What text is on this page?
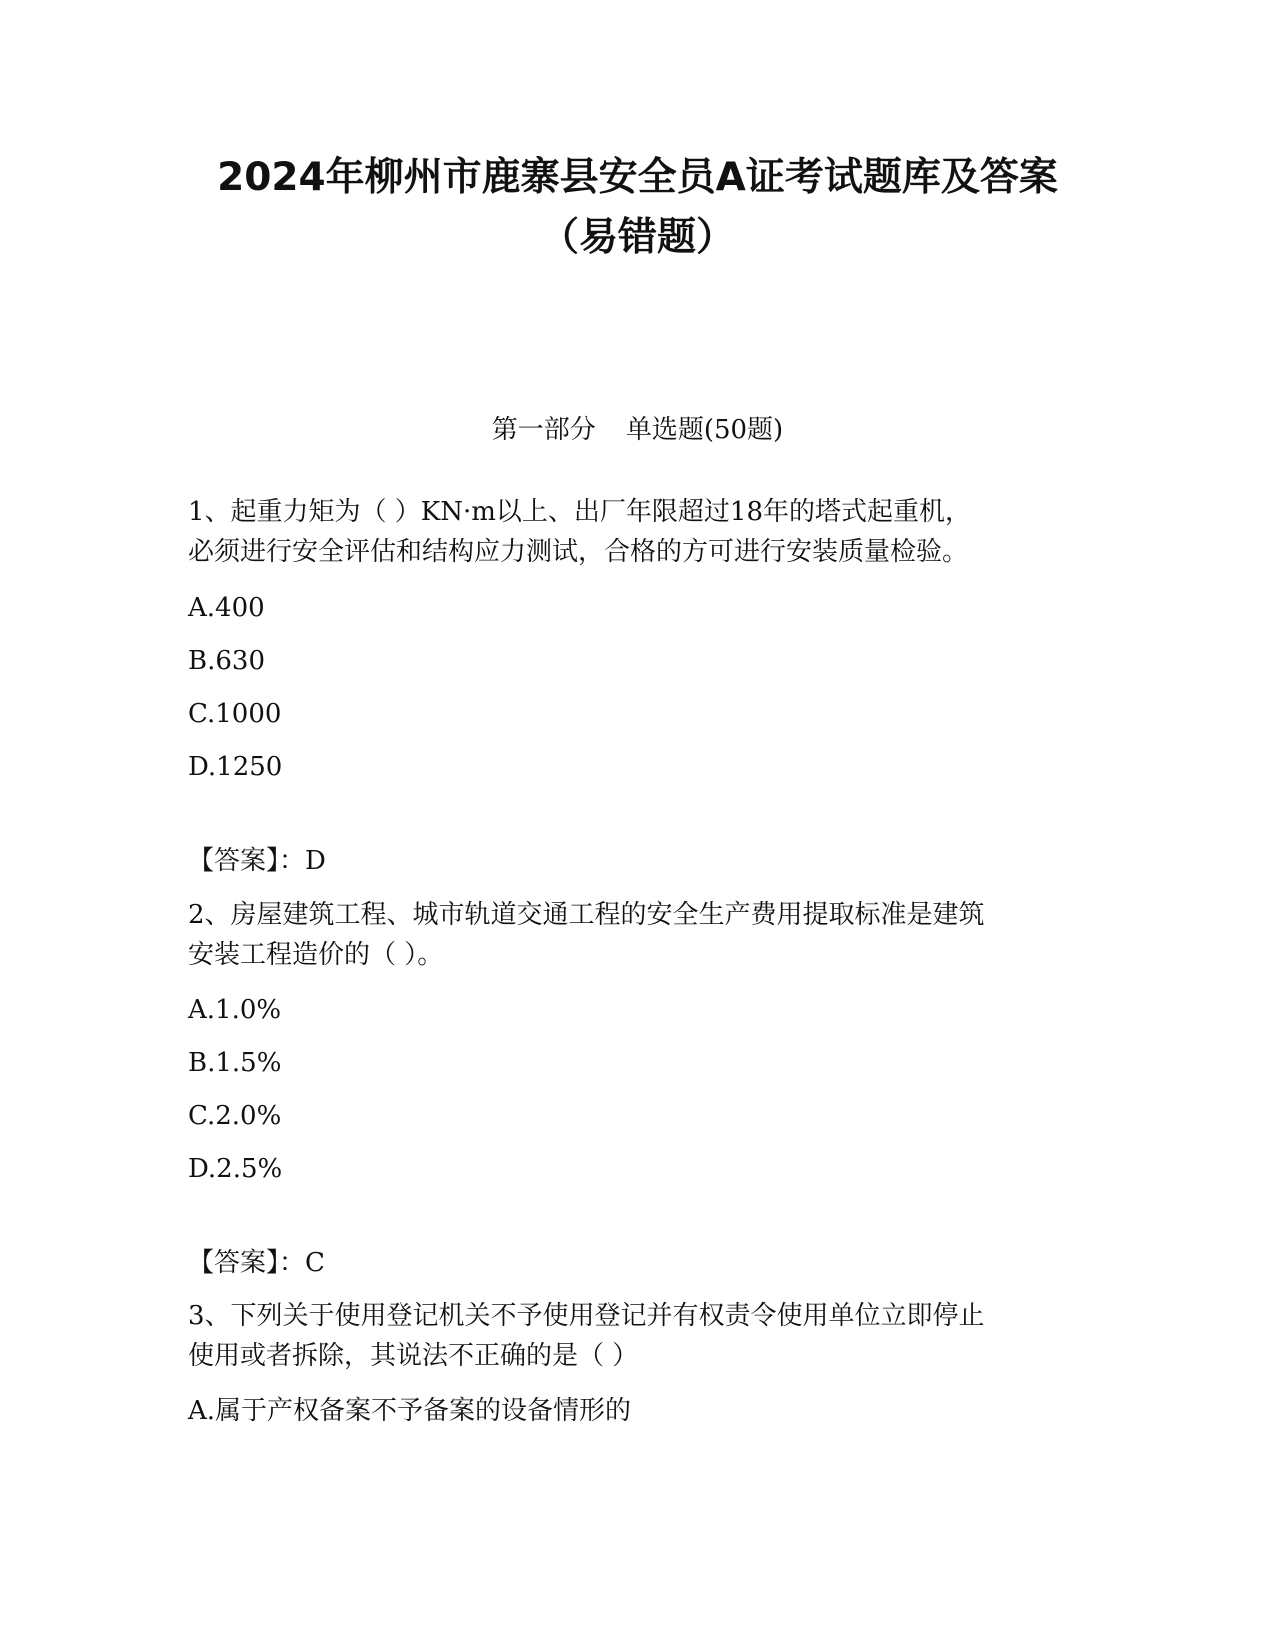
2024年柳州市鹿寨县安全员A证考试题库及答案
（易错题）
第一部分 单选题(50题)
1、起重力矩为（ ）KN·m以上、出厂年限超过18年的塔式起重机，
必须进行安全评估和结构应力测试，合格的方可进行安装质量检验。
A.400
B.630
C.1000
D.1250
【答案】：D
2、房屋建筑工程、城市轨道交通工程的安全生产费用提取标准是建筑
安装工程造价的（ ）。
A.1.0%
B.1.5%
C.2.0%
D.2.5%
【答案】：C
3、下列关于使用登记机关不予使用登记并有权责令使用单位立即停止
使用或者拆除，其说法不正确的是（ ）
A.属于产权备案不予备案的设备情形的
